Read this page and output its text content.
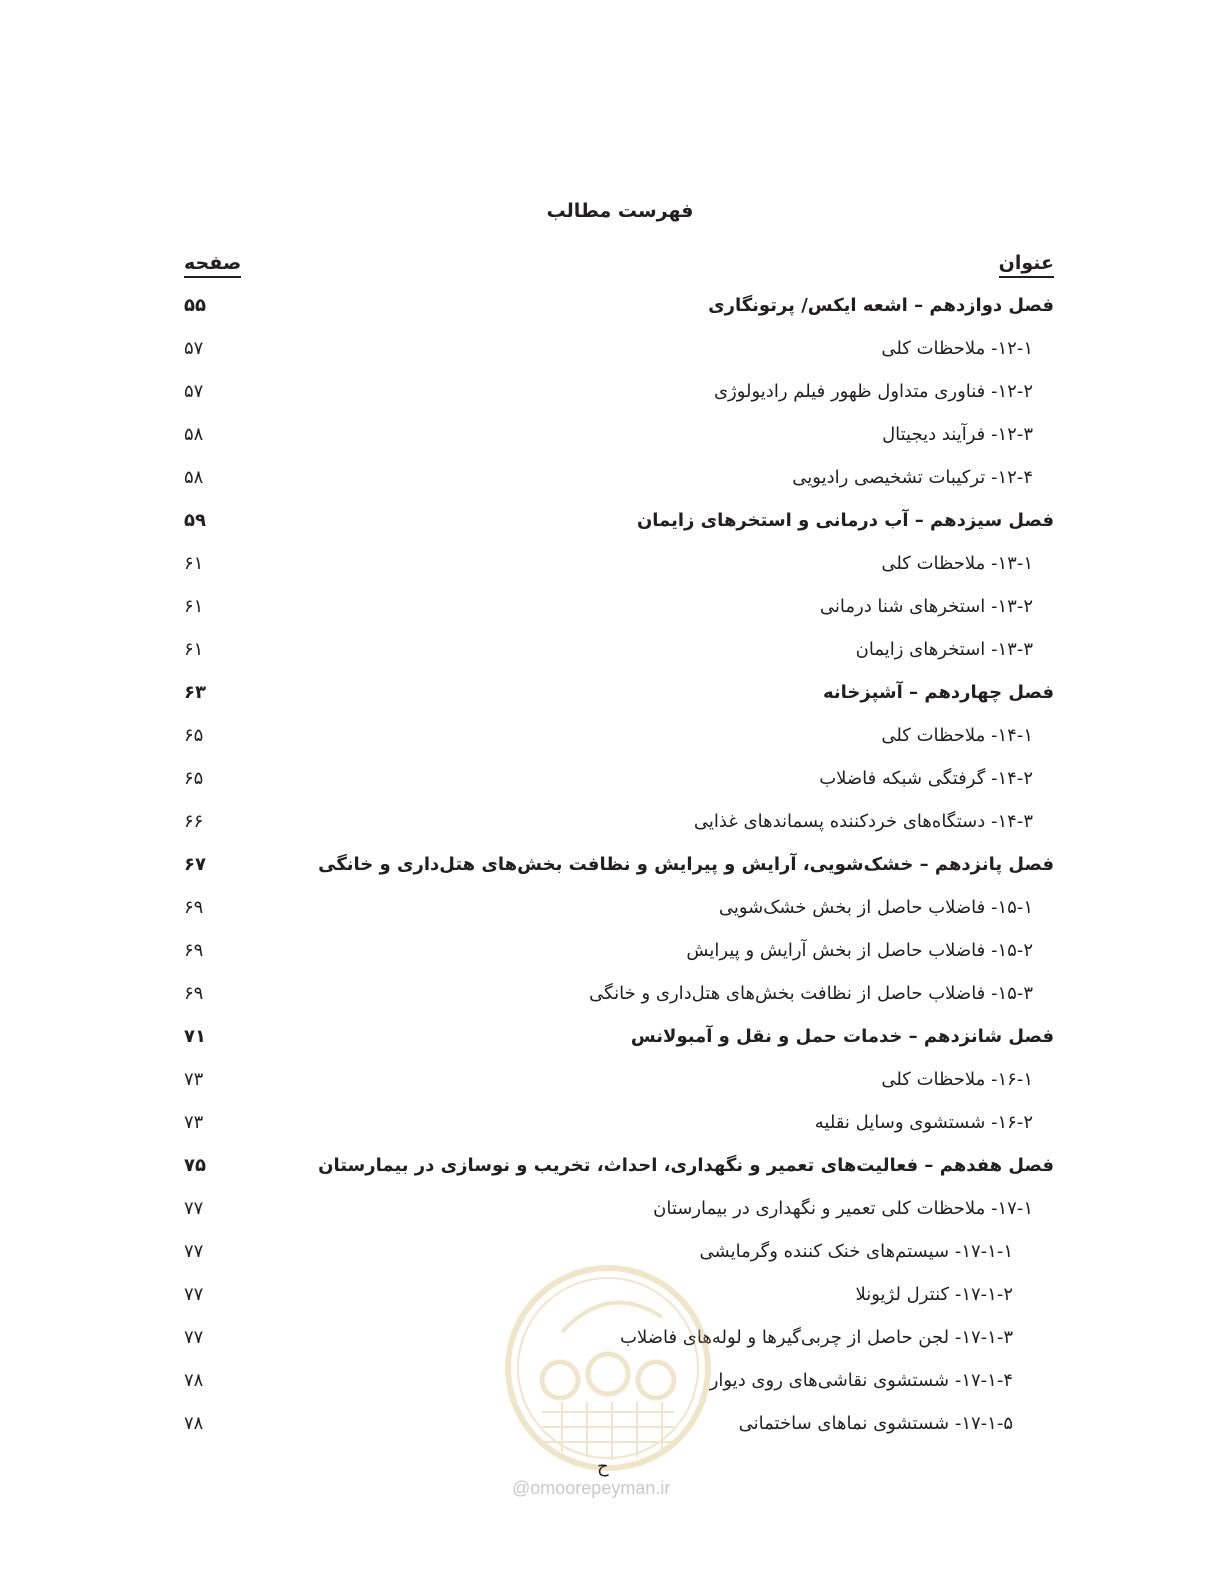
فهرست مطالب
عنوان
صفحه
فصل دوازدهم – اشعه ایکس/ پرتونگاری
۵۵
۱۲-۱- ملاحظات کلی
۵۷
۱۲-۲- فناوری متداول ظهور فیلم رادیولوژی
۵۷
۱۲-۳- فرآیند دیجیتال
۵۸
۱۲-۴- ترکیبات تشخیصی رادیویی
۵۸
فصل سیزدهم – آب درمانی و استخرهای زایمان
۵۹
۱۳-۱- ملاحظات کلی
۶۱
۱۳-۲- استخرهای شنا درمانی
۶۱
۱۳-۳- استخرهای زایمان
۶۱
فصل چهاردهم – آشپزخانه
۶۳
۱۴-۱- ملاحظات کلی
۶۵
۱۴-۲- گرفتگی شبکه فاضلاب
۶۵
۱۴-۳- دستگاه‌های خردکننده پسماندهای غذایی
۶۶
فصل پانزدهم – خشک‌شویی، آرایش و پیرایش و نظافت بخش‌های هتل‌داری و خانگی
۶۷
۱۵-۱- فاضلاب حاصل از بخش خشک‌شویی
۶۹
۱۵-۲- فاضلاب حاصل از بخش آرایش و پیرایش
۶۹
۱۵-۳- فاضلاب حاصل از نظافت بخش‌های هتل‌داری و خانگی
۶۹
فصل شانزدهم – خدمات حمل و نقل و آمبولانس
۷۱
۱۶-۱- ملاحظات کلی
۷۳
۱۶-۲- شستشوی وسایل نقلیه
۷۳
فصل هفدهم – فعالیت‌های تعمیر و نگهداری، احداث، تخریب و نوسازی در بیمارستان
۷۵
۱۷-۱- ملاحظات کلی تعمیر و نگهداری در بیمارستان
۷۷
۱۷-۱-۱- سیستم‌های خنک کننده وگرمایشی
۷۷
۱۷-۱-۲- کنترل لژیونلا
۷۷
۱۷-۱-۳- لجن حاصل از چربی‌گیرها و لوله‌های فاضلاب
۷۷
۱۷-۱-۴- شستشوی نقاشی‌های روی دیوار
۷۸
۱۷-۱-۵- شستشوی نماهای ساختمانی
۷۸
@omoorepeyman.ir
ح
